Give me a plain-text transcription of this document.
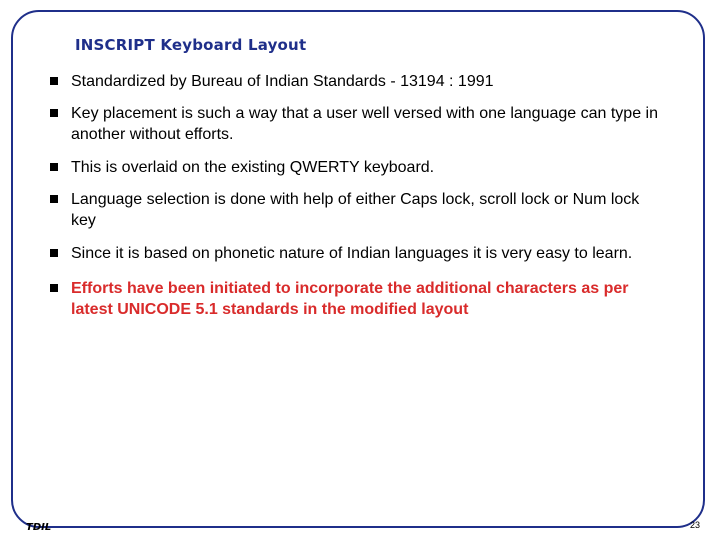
INSCRIPT Keyboard Layout
Standardized by Bureau of Indian Standards - 13194 : 1991
Key placement is such a way that a user well versed with one language can type in another without efforts.
This is overlaid on the existing QWERTY keyboard.
Language selection is done with help of either Caps lock, scroll lock or Num lock key
Since it is based on phonetic nature of Indian languages it is very easy to learn.
Efforts have been initiated to incorporate the additional characters as per latest UNICODE 5.1 standards in the modified layout
TDIL	23
